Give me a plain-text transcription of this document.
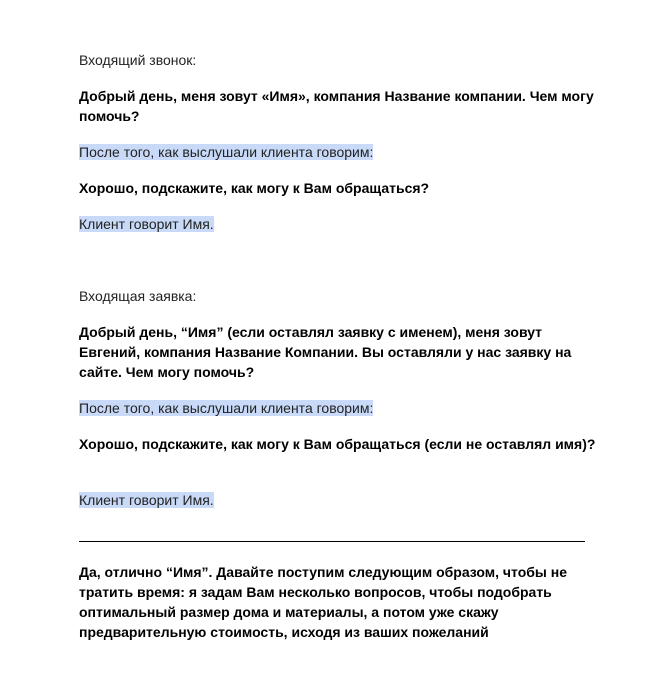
Входящий звонок:

Добрый день, меня зовут «Имя», компания Название компании. Чем могу помочь?

После того, как выслушали клиента говорим:

Хорошо, подскажите, как могу к Вам обращаться?

Клиент говорит Имя.

Входящая заявка:

Добрый день, “Имя” (если оставлял заявку с именем), меня зовут Евгений, компания Название Компании. Вы оставляли у нас заявку на сайте. Чем могу помочь?

После того, как выслушали клиента говорим:

Хорошо, подскажите, как могу к Вам обращаться (если не оставлял имя)?

Клиент говорит Имя.

Да, отлично “Имя”. Давайте поступим следующим образом, чтобы не тратить время: я задам Вам несколько вопросов, чтобы подобрать оптимальный размер дома и материалы, а потом уже скажу предварительную стоимость, исходя из ваших пожеланий
